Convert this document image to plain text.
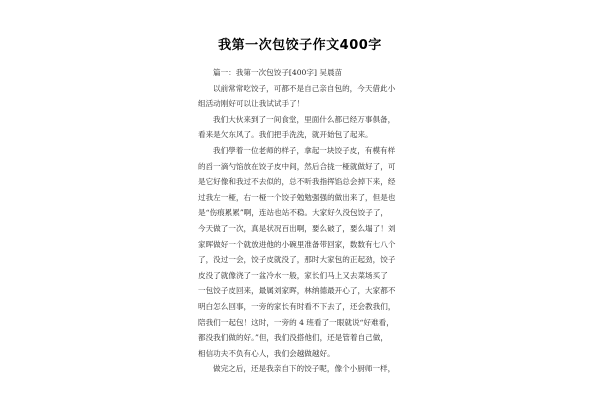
我第一次包饺子作文400字
篇一：我第一次包饺子[400字] 吴晨苗
以前常常吃饺子，可都不是自己亲自包的，今天借此小
组活动刚好可以让我试试手了！
我们大伙来到了一间食堂，里面什么都已经万事俱备，
看来是欠东风了。我们把手洗洗，就开始包了起来。
我们學着一位老师的样子，拿起一块饺子皮，有模有样
的舀一滴勺馅放在饺子皮中间，然后合拢一桠就做好了，可
是它好像和我过不去似的，总不听我指挥馅总会掉下来，经
过我左一桠，右一桠一个饺子勉勉强强的做出来了，但是也
是“伤痕累累”啊，连站也站不稳。大家好久没包饺子了，
今天做了一次，真是状况百出啊，要么破了，要么塌了！刘
家晖做好一个就放进他的小碗里准备带回家，数数有七八个
了，没过一会，饺子皮就没了，那时大家包的正起劲，饺子
皮没了就像浇了一盆冷水一般，家长们马上又去菜场买了
一包饺子皮回来，最属刘家晖，林纳德最开心了，大家都不
明白怎么回事，一旁的家长有时看不下去了，还会教我们，
陪我们一起包！这时，一旁的 4 班看了一眼就说“好难看，
都没我们做的好。”但，我们没搭他们，还是管着自己做，
相信功夫不负有心人，我们会越做越好。
做完之后，还是我亲自下的饺子呢，像个小厨师一样，
